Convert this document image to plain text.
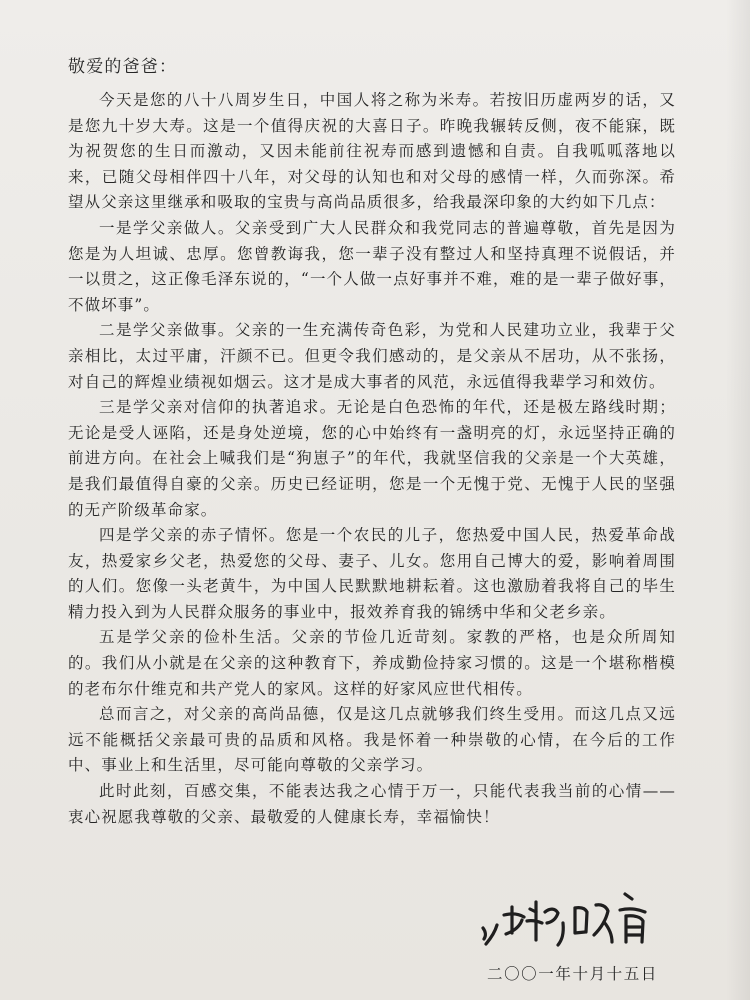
敬爱的爸爸：

今天是您的八十八周岁生日，中国人将之称为米寿。若按旧历虚两岁的话，又是您九十岁大寿。这是一个值得庆祝的大喜日子。昨晚我辗转反侧，夜不能寐，既为祝贺您的生日而激动，又因未能前往祝寿而感到遗憾和自责。自我呱呱落地以来，已随父母相伴四十八年，对父母的认知也和对父母的感情一样，久而弥深。希望从父亲这里继承和吸取的宝贵与高尚品质很多，给我最深印象的大约如下几点：

一是学父亲做人。父亲受到广大人民群众和我党同志的普遍尊敬，首先是因为您是为人坦诚、忠厚。您曾教诲我，您一辈子没有整过人和坚持真理不说假话，并一以贯之，这正像毛泽东说的，“一个人做一点好事并不难，难的是一辈子做好事，不做坏事”。

二是学父亲做事。父亲的一生充满传奇色彩，为党和人民建功立业，我辈于父亲相比，太过平庸，汗颜不已。但更令我们感动的，是父亲从不居功，从不张扬，对自己的辉煌业绩视如烟云。这才是成大事者的风范，永远值得我辈学习和效仿。

三是学父亲对信仰的执著追求。无论是白色恐怖的年代，还是极左路线时期；无论是受人诬陷，还是身处逆境，您的心中始终有一盏明亮的灯，永远坚持正确的前进方向。在社会上喊我们是“狗崽子”的年代，我就坚信我的父亲是一个大英雄，是我们最值得自豪的父亲。历史已经证明，您是一个无愧于党、无愧于人民的坚强的无产阶级革命家。

四是学父亲的赤子情怀。您是一个农民的儿子，您热爱中国人民，热爱革命战友，热爱家乡父老，热爱您的父母、妻子、儿女。您用自己博大的爱，影响着周围的人们。您像一头老黄牛，为中国人民默默地耕耘着。这也激励着我将自己的毕生精力投入到为人民群众服务的事业中，报效养育我的锦绣中华和父老乡亲。

五是学父亲的俭朴生活。父亲的节俭几近苛刻。家教的严格，也是众所周知的。我们从小就是在父亲的这种教育下，养成勤俭持家习惯的。这是一个堪称楷模的老布尔什维克和共产党人的家风。这样的好家风应世代相传。

总而言之，对父亲的高尚品德，仅是这几点就够我们终生受用。而这几点又远远不能概括父亲最可贵的品质和风格。我是怀着一种崇敬的心情，在今后的工作中、事业上和生活里，尽可能向尊敬的父亲学习。

此时此刻，百感交集，不能表达我之心情于万一，只能代表我当前的心情——衷心祝愿我尊敬的父亲、最敬爱的人健康长寿，幸福愉快！

二〇〇一年十月十五日
